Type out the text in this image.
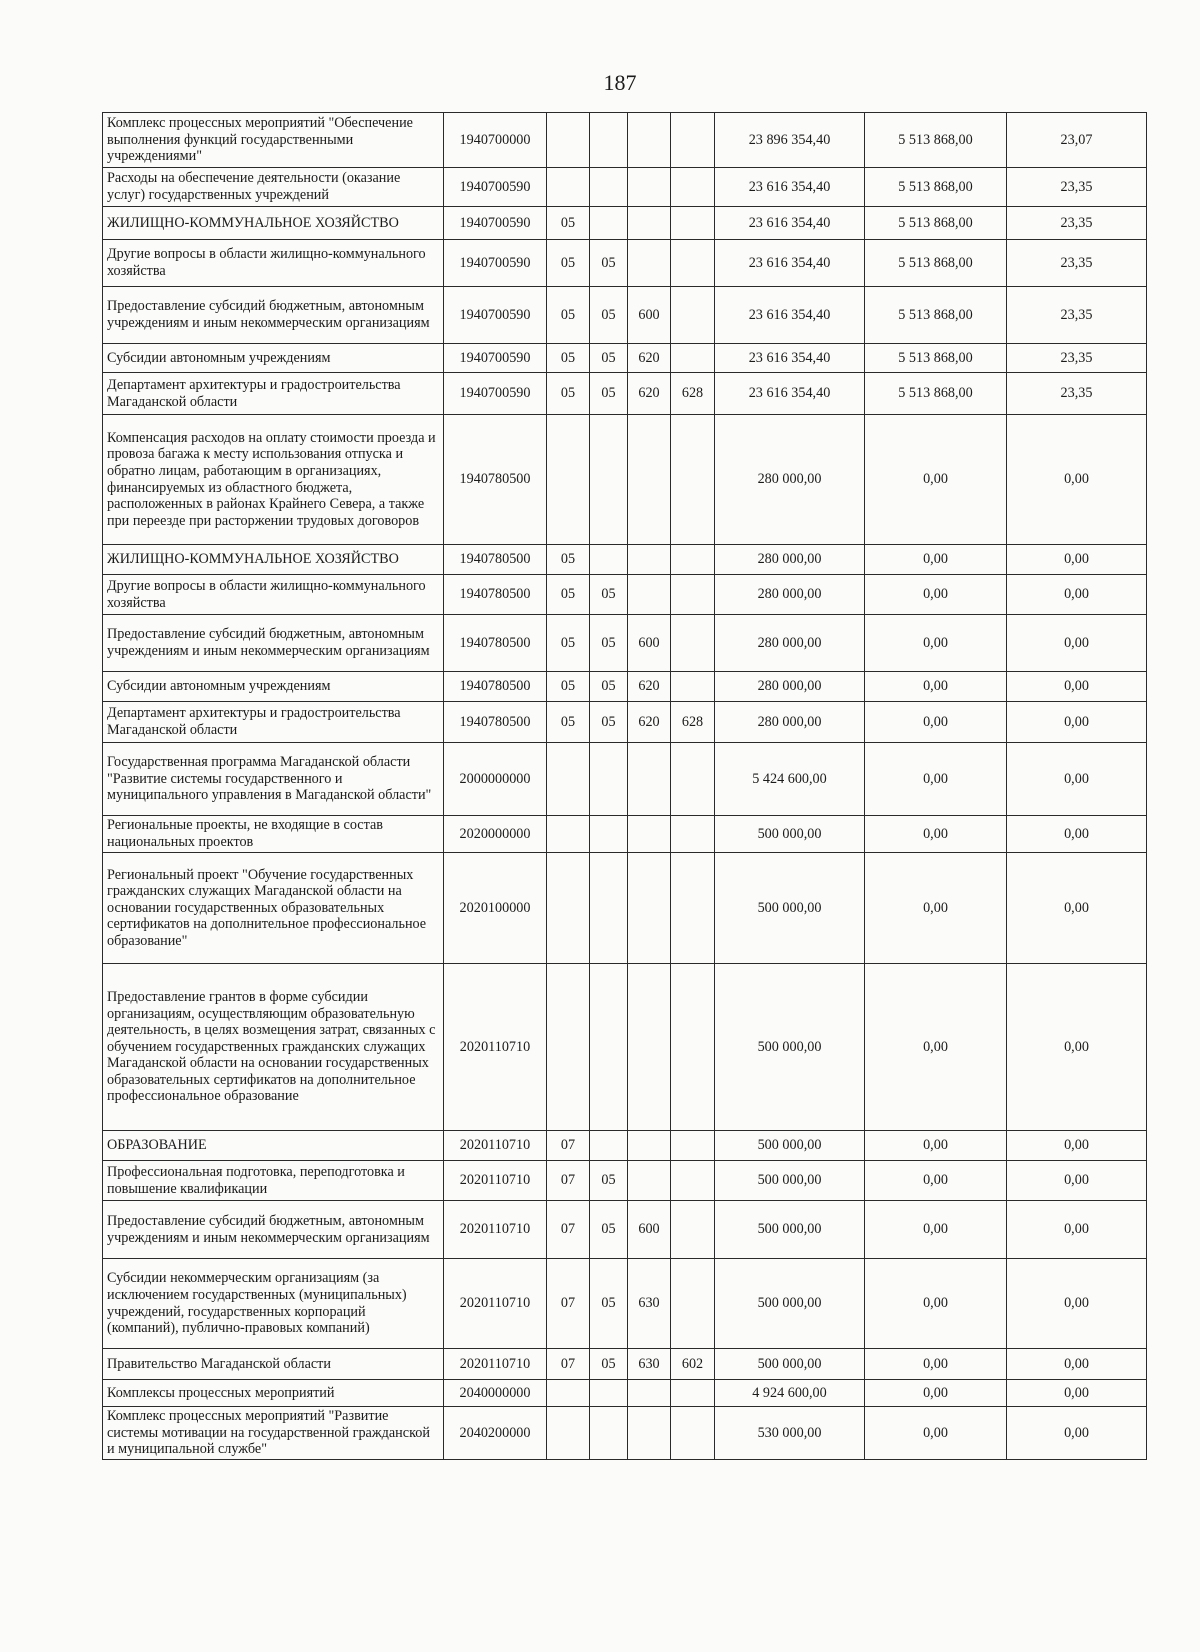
187
Комплекс процессных мероприятий "Обеспечение выполнения функций государственными учреждениями"	1940700000					23 896 354,40	5 513 868,00	23,07
Расходы на обеспечение деятельности (оказание услуг) государственных учреждений	1940700590					23 616 354,40	5 513 868,00	23,35
ЖИЛИЩНО-КОММУНАЛЬНОЕ ХОЗЯЙСТВО	1940700590	05				23 616 354,40	5 513 868,00	23,35
Другие вопросы в области жилищно-коммунального хозяйства	1940700590	05	05			23 616 354,40	5 513 868,00	23,35
Предоставление субсидий бюджетным, автономным учреждениям и иным некоммерческим организациям	1940700590	05	05	600		23 616 354,40	5 513 868,00	23,35
Субсидии автономным учреждениям	1940700590	05	05	620		23 616 354,40	5 513 868,00	23,35
Департамент архитектуры и градостроительства Магаданской области	1940700590	05	05	620	628	23 616 354,40	5 513 868,00	23,35
Компенсация расходов на оплату стоимости проезда и провоза багажа к месту использования отпуска и обратно лицам, работающим в организациях, финансируемых из областного бюджета, расположенных в районах Крайнего Севера, а также при переезде при расторжении трудовых договоров	1940780500					280 000,00	0,00	0,00
ЖИЛИЩНО-КОММУНАЛЬНОЕ ХОЗЯЙСТВО	1940780500	05				280 000,00	0,00	0,00
Другие вопросы в области жилищно-коммунального хозяйства	1940780500	05	05			280 000,00	0,00	0,00
Предоставление субсидий бюджетным, автономным учреждениям и иным некоммерческим организациям	1940780500	05	05	600		280 000,00	0,00	0,00
Субсидии автономным учреждениям	1940780500	05	05	620		280 000,00	0,00	0,00
Департамент архитектуры и градостроительства Магаданской области	1940780500	05	05	620	628	280 000,00	0,00	0,00
Государственная программа Магаданской области "Развитие системы государственного и муниципального управления в Магаданской области"	2000000000					5 424 600,00	0,00	0,00
Региональные проекты, не входящие в состав национальных проектов	2020000000					500 000,00	0,00	0,00
Региональный проект "Обучение государственных гражданских служащих Магаданской области на основании государственных образовательных сертификатов на дополнительное профессиональное образование"	2020100000					500 000,00	0,00	0,00
Предоставление грантов в форме субсидии организациям, осуществляющим образовательную деятельность, в целях возмещения затрат, связанных с обучением государственных гражданских служащих Магаданской области на основании государственных образовательных сертификатов на дополнительное профессиональное образование	2020110710					500 000,00	0,00	0,00
ОБРАЗОВАНИЕ	2020110710	07				500 000,00	0,00	0,00
Профессиональная подготовка, переподготовка и повышение квалификации	2020110710	07	05			500 000,00	0,00	0,00
Предоставление субсидий бюджетным, автономным учреждениям и иным некоммерческим организациям	2020110710	07	05	600		500 000,00	0,00	0,00
Субсидии некоммерческим организациям (за исключением государственных (муниципальных) учреждений, государственных корпораций (компаний), публично-правовых компаний)	2020110710	07	05	630		500 000,00	0,00	0,00
Правительство Магаданской области	2020110710	07	05	630	602	500 000,00	0,00	0,00
Комплексы процессных мероприятий	2040000000					4 924 600,00	0,00	0,00
Комплекс процессных мероприятий "Развитие системы мотивации на государственной гражданской и муниципальной службе"	2040200000					530 000,00	0,00	0,00
